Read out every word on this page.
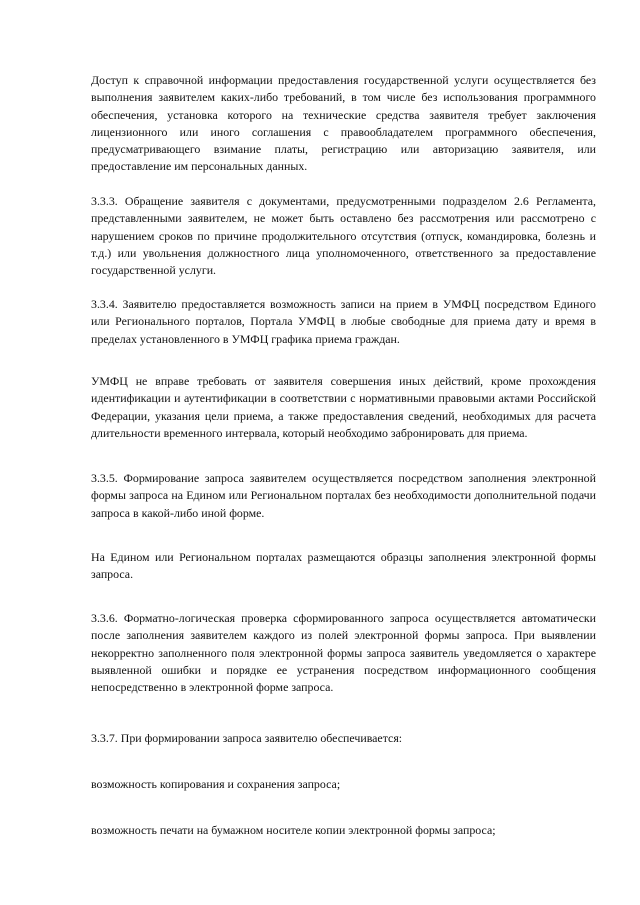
Доступ к справочной информации предоставления государственной услуги осуществляется без выполнения заявителем каких-либо требований, в том числе без использования программного обеспечения, установка которого на технические средства заявителя требует заключения лицензионного или иного соглашения с правообладателем программного обеспечения, предусматривающего взимание платы, регистрацию или авторизацию заявителя, или предоставление им персональных данных.

3.3.3. Обращение заявителя с документами, предусмотренными подразделом 2.6 Регламента, представленными заявителем, не может быть оставлено без рассмотрения или рассмотрено с нарушением сроков по причине продолжительного отсутствия (отпуск, командировка, болезнь и т.д.) или увольнения должностного лица уполномоченного, ответственного за предоставление государственной услуги.

3.3.4. Заявителю предоставляется возможность записи на прием в УМФЦ посредством Единого или Регионального порталов, Портала УМФЦ в любые свободные для приема дату и время в пределах установленного в УМФЦ графика приема граждан.

УМФЦ не вправе требовать от заявителя совершения иных действий, кроме прохождения идентификации и аутентификации в соответствии с нормативными правовыми актами Российской Федерации, указания цели приема, а также предоставления сведений, необходимых для расчета длительности временного интервала, который необходимо забронировать для приема.

3.3.5. Формирование запроса заявителем осуществляется посредством заполнения электронной формы запроса на Едином или Региональном порталах без необходимости дополнительной подачи запроса в какой-либо иной форме.

На Едином или Региональном порталах размещаются образцы заполнения электронной формы запроса.

3.3.6. Форматно-логическая проверка сформированного запроса осуществляется автоматически после заполнения заявителем каждого из полей электронной формы запроса. При выявлении некорректно заполненного поля электронной формы запроса заявитель уведомляется о характере выявленной ошибки и порядке ее устранения посредством информационного сообщения непосредственно в электронной форме запроса.

3.3.7. При формировании запроса заявителю обеспечивается:

возможность копирования и сохранения запроса;

возможность печати на бумажном носителе копии электронной формы запроса;
